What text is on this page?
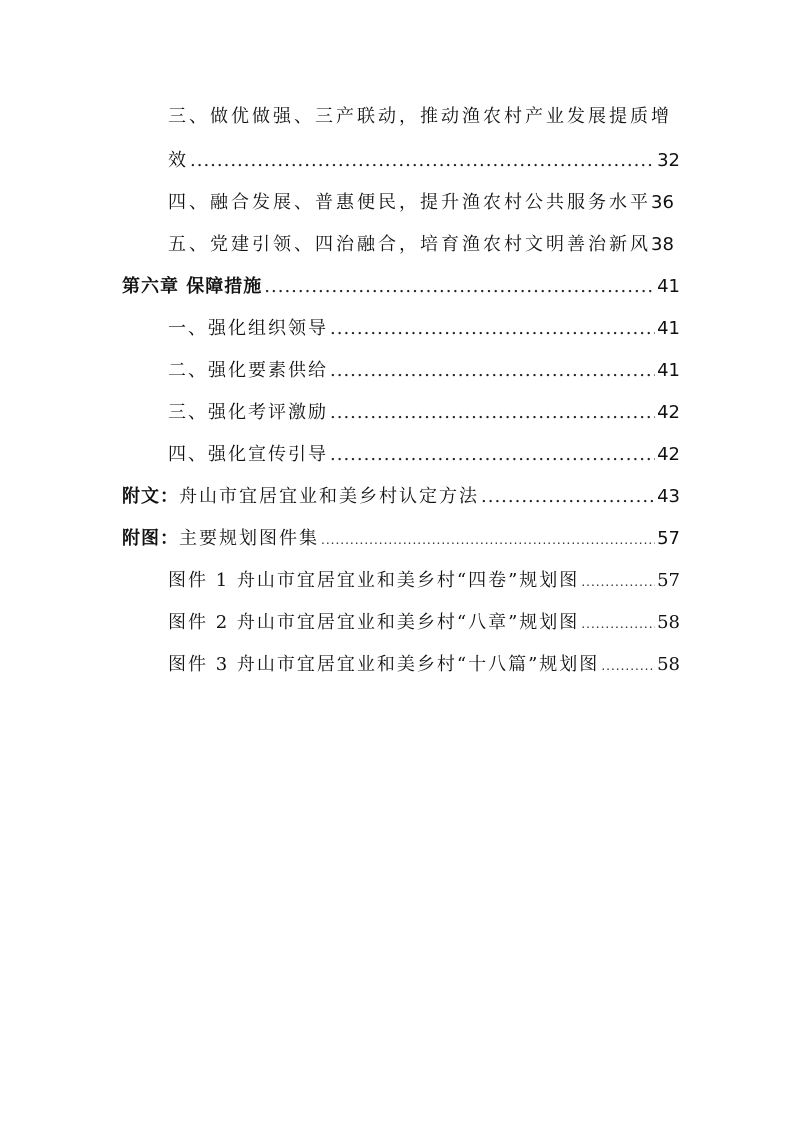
三、做优做强、三产联动，推动渔农村产业发展提质增
效 .....	32
四、融合发展、普惠便民，提升渔农村公共服务水平 36
五、党建引领、四治融合，培育渔农村文明善治新风 38
第六章 保障措施 .....	41
一、强化组织领导 .....	41
二、强化要素供给 .....	41
三、强化考评激励 .....	42
四、强化宣传引导 .....	42
附文：舟山市宜居宜业和美乡村认定方法 .....	43
附图：主要规划图件集 .....	57
图件 1 舟山市宜居宜业和美乡村“四卷”规划图 .....	57
图件 2 舟山市宜居宜业和美乡村“八章”规划图 .....	58
图件 3 舟山市宜居宜业和美乡村“十八篇”规划图 .....	58
